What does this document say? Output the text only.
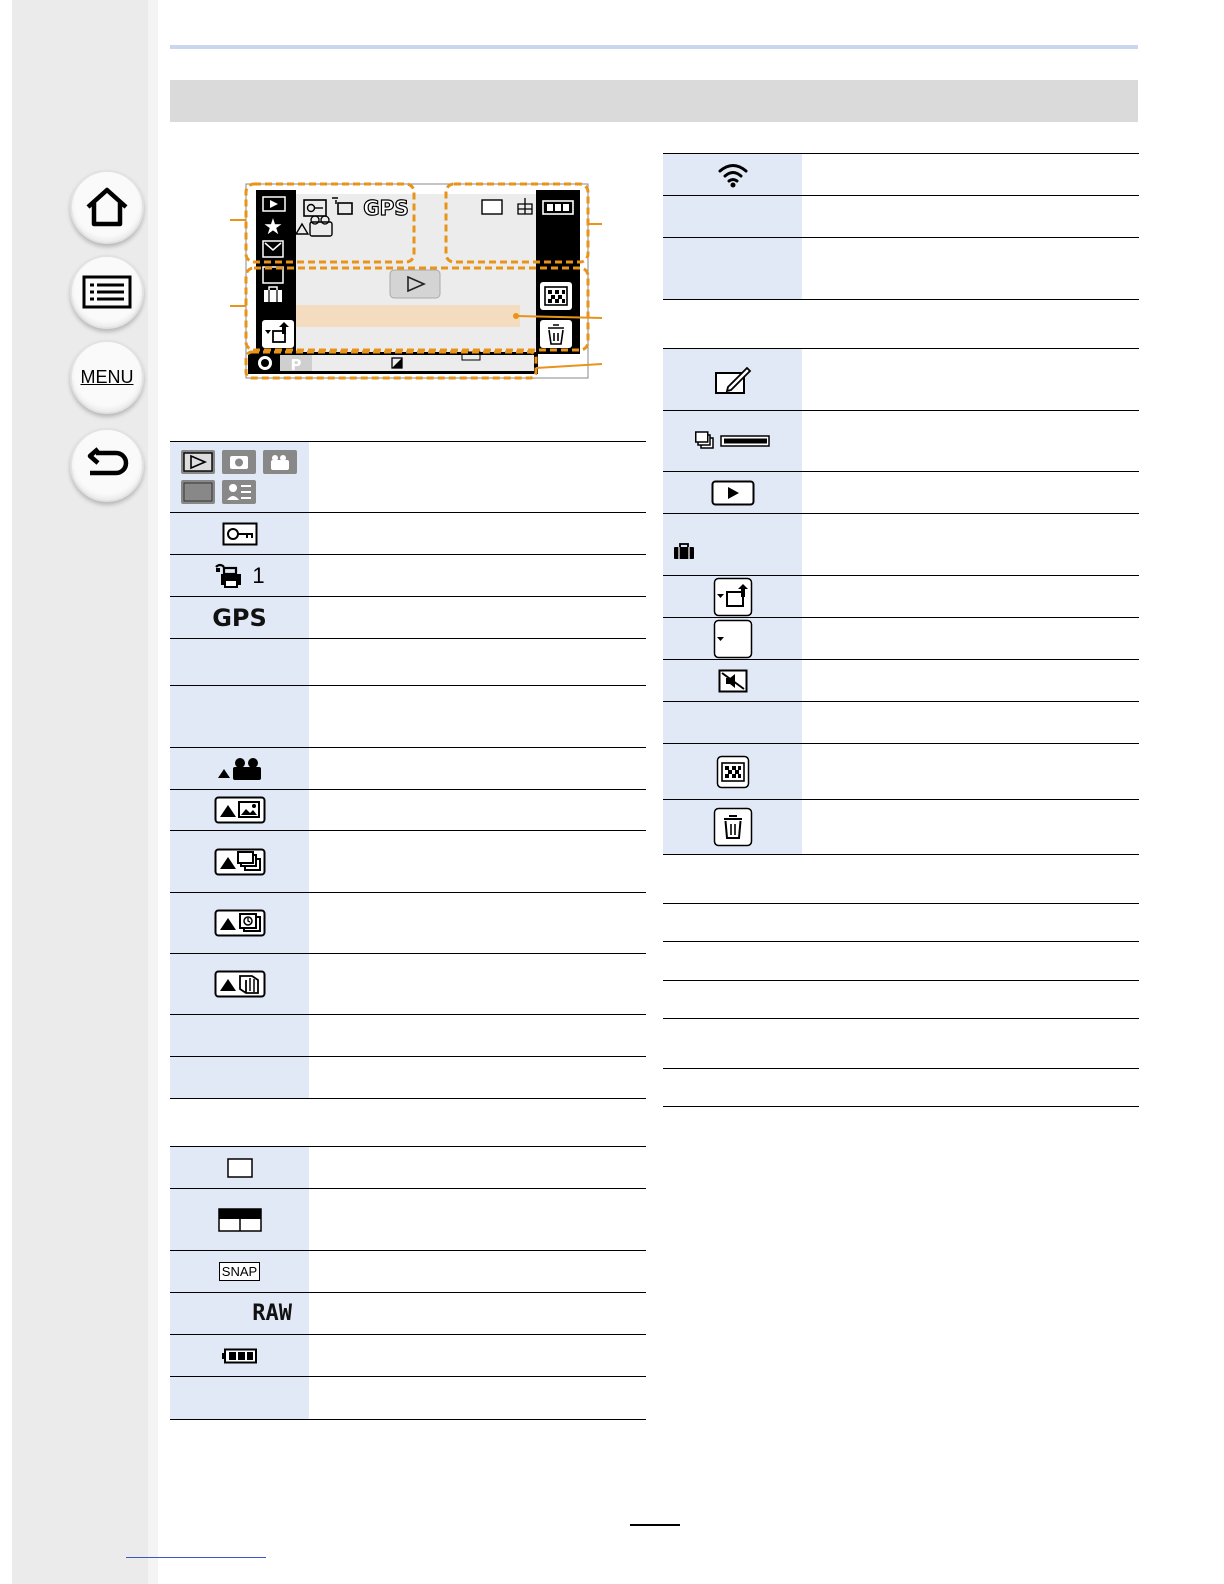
MENU
★
GPS
P
1
GPS
SNAP
RAW
